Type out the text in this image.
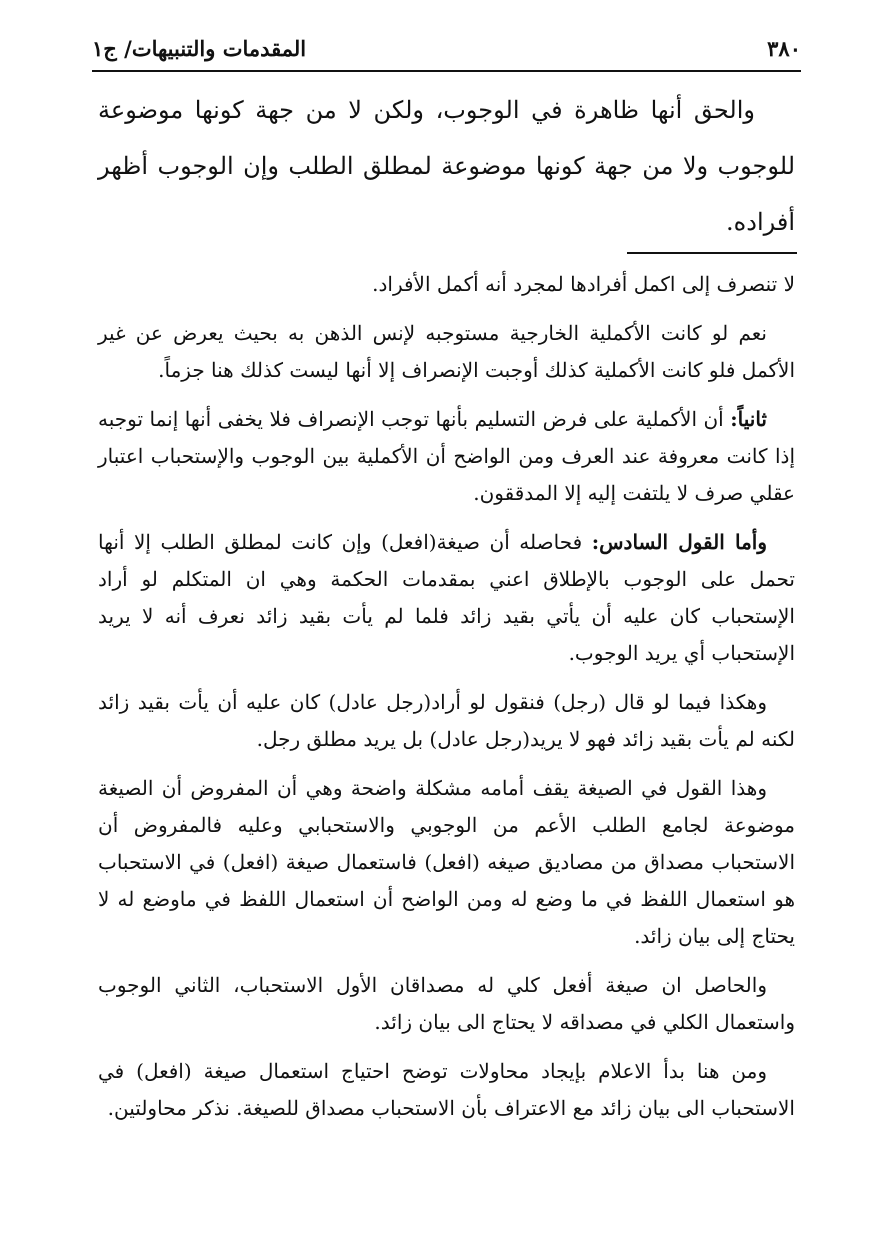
٣٨٠
المقدمات والتنبيهات/ ج١

والحق أنها ظاهرة في الوجوب، ولكن لا من جهة كونها موضوعة للوجوب ولا من جهة كونها موضوعة لمطلق الطلب وإن الوجوب أظهر أفراده.

لا تنصرف إلى اكمل أفرادها لمجرد أنه أكمل الأفراد.

نعم لو كانت الأكملية الخارجية مستوجبه لإنس الذهن به بحيث يعرض عن غير الأكمل فلو كانت الأكملية كذلك أوجبت الإنصراف إلا أنها ليست كذلك هنا جزماً.

ثانياً: أن الأكملية على فرض التسليم بأنها توجب الإنصراف فلا يخفى أنها إنما توجبه إذا كانت معروفة عند العرف ومن الواضح أن الأكملية بين الوجوب والإستحباب اعتبار عقلي صرف لا يلتفت إليه إلا المدققون.

وأما القول السادس: فحاصله أن صيغة(افعل) وإن كانت لمطلق الطلب إلا أنها تحمل على الوجوب بالإطلاق اعني بمقدمات الحكمة وهي ان المتكلم لو أراد الإستحباب كان عليه أن يأتي بقيد زائد فلما لم يأت بقيد زائد نعرف أنه لا يريد الإستحباب أي يريد الوجوب.

وهكذا فيما لو قال (رجل) فنقول لو أراد(رجل عادل) كان عليه أن يأت بقيد زائد لكنه لم يأت بقيد زائد فهو لا يريد(رجل عادل) بل يريد مطلق رجل.

وهذا القول في الصيغة يقف أمامه مشكلة واضحة وهي أن المفروض أن الصيغة موضوعة لجامع الطلب الأعم من الوجوبي والاستحبابي وعليه فالمفروض أن الاستحباب مصداق من مصاديق صيغه (افعل) فاستعمال صيغة (افعل) في الاستحباب هو استعمال اللفظ في ما وضع له ومن الواضح أن استعمال اللفظ في ماوضع له لا يحتاج إلى بيان زائد.

والحاصل ان صيغة أفعل كلي له مصداقان الأول الاستحباب، الثاني الوجوب واستعمال الكلي في مصداقه لا يحتاج الى بيان زائد.

ومن هنا بدأ الاعلام بإيجاد محاولات توضح احتياج استعمال صيغة (افعل) في الاستحباب الى بيان زائد مع الاعتراف بأن الاستحباب مصداق للصيغة. نذكر محاولتين.
